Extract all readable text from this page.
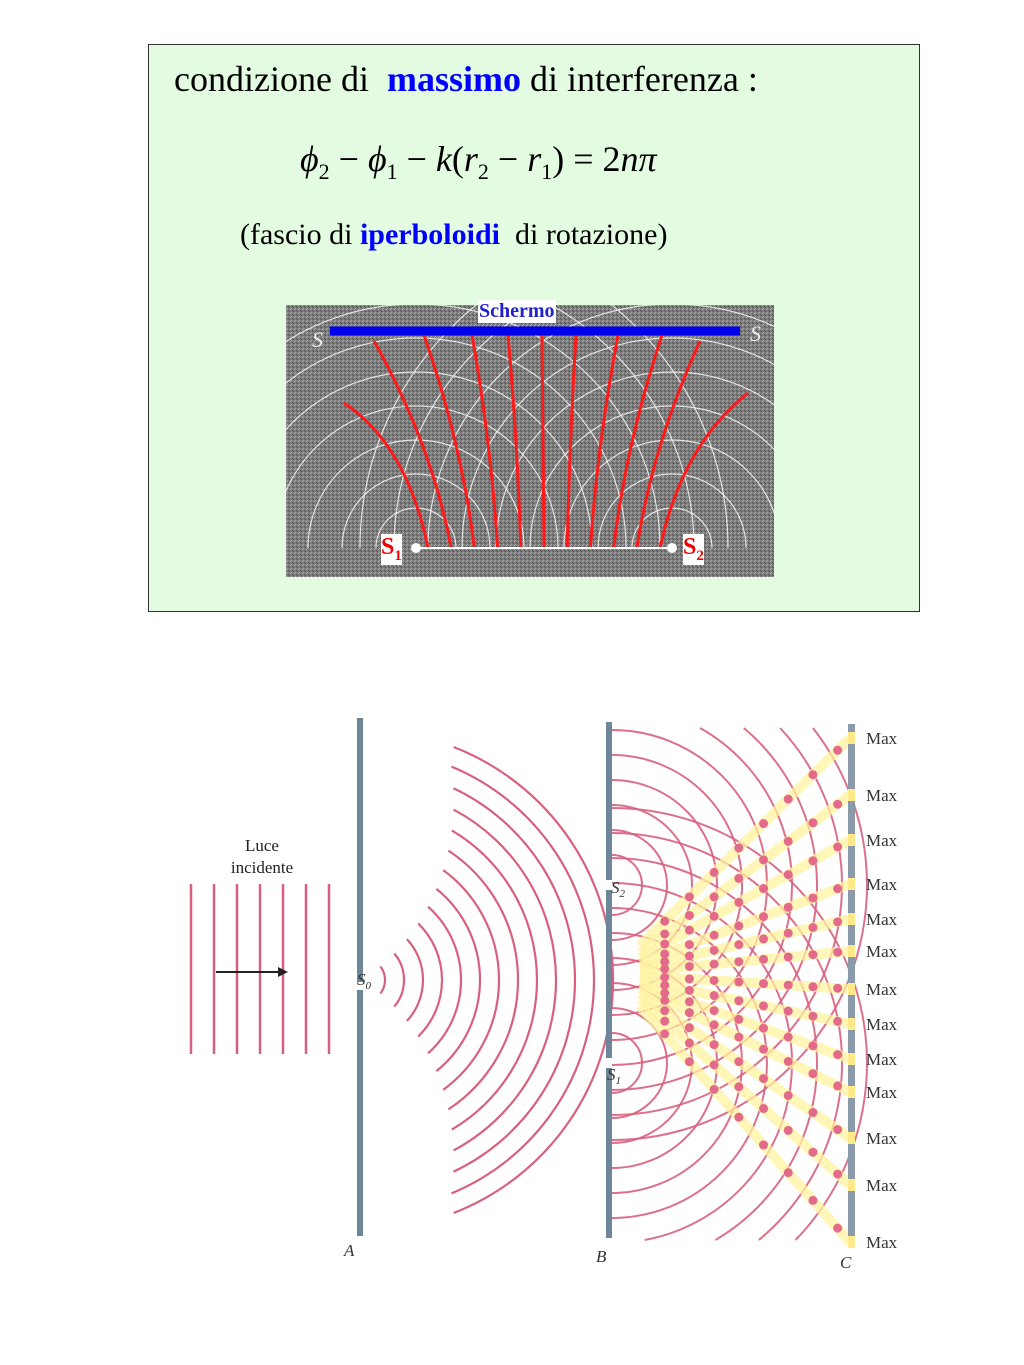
condizione di massimo di interferenza :
$\phi_2 - \phi_1 - k(r_2 - r_1) = 2n\pi$
(fascio di iperboloidi di rotazione)
S	S
Schermo
$S_1$	$S_2$
Luce
incidente
A	B	C
$S_0$
$S_2$
$S_1$
Max
Max
Max
Max
Max
Max
Max
Max
Max
Max
Max
Max
Max
